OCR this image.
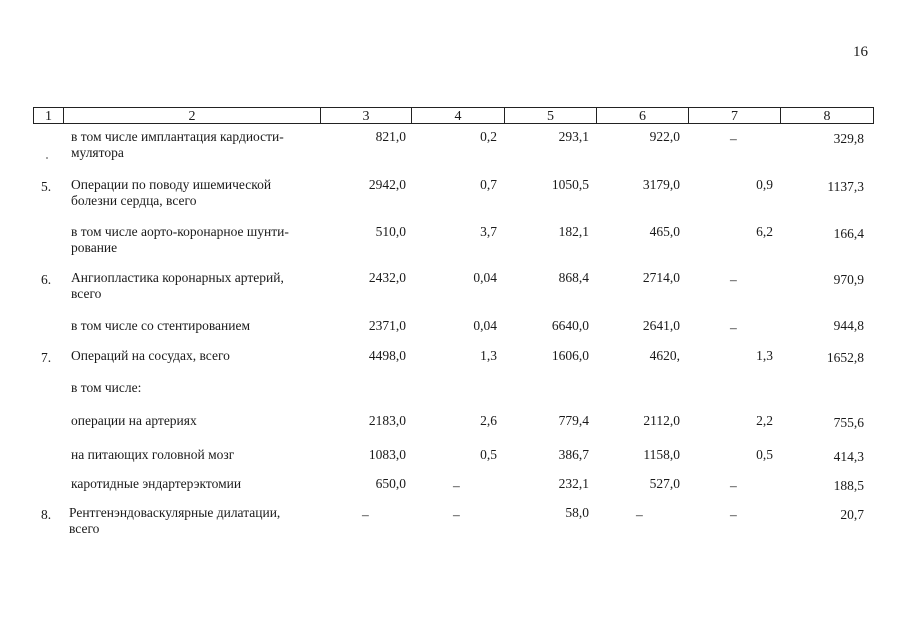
16
1	2	3	4	5	6	7	8
в том числе имплантация кардиости-
мулятора
821,0	0,2	293,1	922,0	–	329,8
5. Операции по поводу ишемической
болезни сердца, всего
2942,0	0,7	1050,5	3179,0	0,9	1137,3
в том числе аорто-коронарное шунти-
рование
510,0	3,7	182,1	465,0	6,2	166,4
6. Ангиопластика коронарных артерий,
всего
2432,0	0,04	868,4	2714,0	–	970,9
в том числе со стентированием	2371,0	0,04	6640,0	2641,0	–	944,8
7. Операций на сосудах, всего	4498,0	1,3	1606,0	4620,	1,3	1652,8
в том числе:
операции на артериях	2183,0	2,6	779,4	2112,0	2,2	755,6
на питающих головной мозг	1083,0	0,5	386,7	1158,0	0,5	414,3
каротидные эндартерэктомии	650,0	–	232,1	527,0	–	188,5
8. Рентгенэндоваскулярные дилатации,
всего
–	–	58,0	–	–	20,7
